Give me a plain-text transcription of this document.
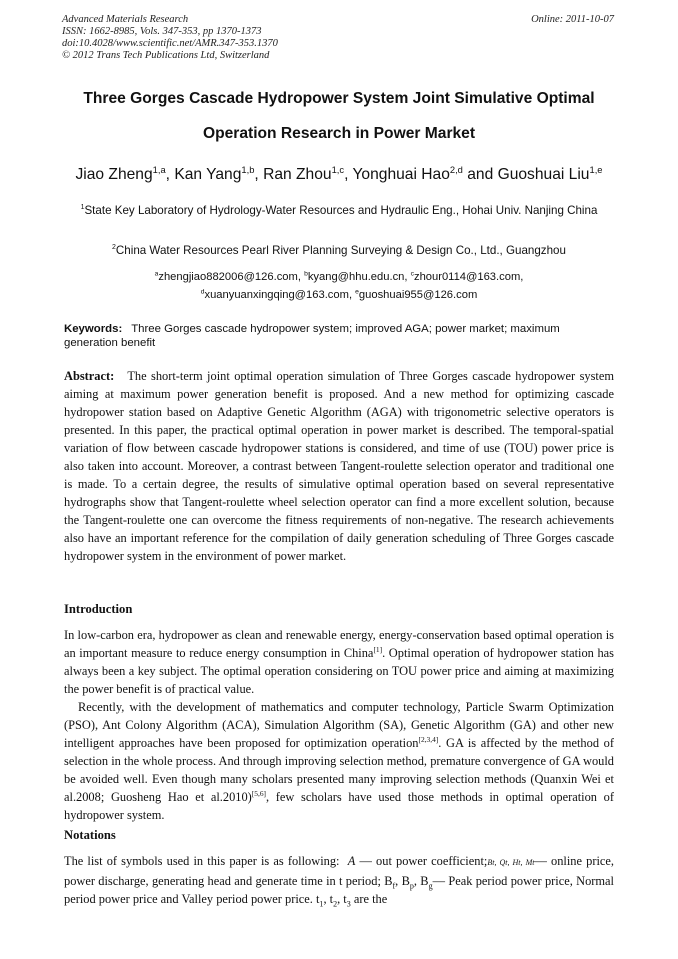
Advanced Materials Research
ISSN: 1662-8985, Vols. 347-353, pp 1370-1373
doi:10.4028/www.scientific.net/AMR.347-353.1370
© 2012 Trans Tech Publications Ltd, Switzerland
Online: 2011-10-07
Three Gorges Cascade Hydropower System Joint Simulative Optimal
Operation Research in Power Market
Jiao Zheng$^{1,a}$, Kan Yang$^{1,b}$, Ran Zhou$^{1,c}$, Yonghuai Hao$^{2,d}$ and Guoshuai Liu$^{1,e}$
$^1$State Key Laboratory of Hydrology-Water Resources and Hydraulic Eng., Hohai Univ. Nanjing China
$^2$China Water Resources Pearl River Planning Surveying & Design Co., Ltd., Guangzhou
$^a$zhengjiao882006@126.com, $^b$kyang@hhu.edu.cn, $^c$zhour0114@163.com,
$^d$xuanyuanxingqing@163.com, $^e$guoshuai955@126.com
Keywords: Three Gorges cascade hydropower system; improved AGA; power market; maximum generation benefit
Abstract: The short-term joint optimal operation simulation of Three Gorges cascade hydropower system aiming at maximum power generation benefit is proposed. And a new method for optimizing cascade hydropower station based on Adaptive Genetic Algorithm (AGA) with trigonometric selective operators is presented. In this paper, the practical optimal operation in power market is described. The temporal-spatial variation of flow between cascade hydropower stations is considered, and time of use (TOU) power price is also taken into account. Moreover, a contrast between Tangent-roulette selection operator and traditional one is made. To a certain degree, the results of simulative optimal operation based on several representative hydrographs show that Tangent-roulette wheel selection operator can find a more excellent solution, because the Tangent-roulette one can overcome the fitness requirements of non-negative. The research achievements also have an important reference for the compilation of daily generation scheduling of Three Gorges cascade hydropower system in the environment of power market.
Introduction
In low-carbon era, hydropower as clean and renewable energy, energy-conservation based optimal operation is an important measure to reduce energy consumption in China[1]. Optimal operation of hydropower station has always been a key subject. The optimal operation considering on TOU power price and aiming at maximizing the power benefit is of practical value.
Recently, with the development of mathematics and computer technology, Particle Swarm Optimization (PSO), Ant Colony Algorithm (ACA), Simulation Algorithm (SA), Genetic Algorithm (GA) and other new intelligent approaches have been proposed for optimization operation[2,3,4]. GA is affected by the method of selection in the whole process. And through improving selection method, premature convergence of GA would be avoided well. Even though many scholars presented many improving selection methods (Quanxin Wei et al.2008; Guosheng Hao et al.2010)[5,6], few scholars have used those methods in optimal operation of hydropower system.
Notations
The list of symbols used in this paper is as following: A — out power coefficient;Bt, Qt, Ht, Mt— online price, power discharge, generating head and generate time in t period; $B_f$, $B_p$, $B_g—$ Peak period power price, Normal period power price and Valley period power price. $t_1$, $t_2$, $t_3$ are the
